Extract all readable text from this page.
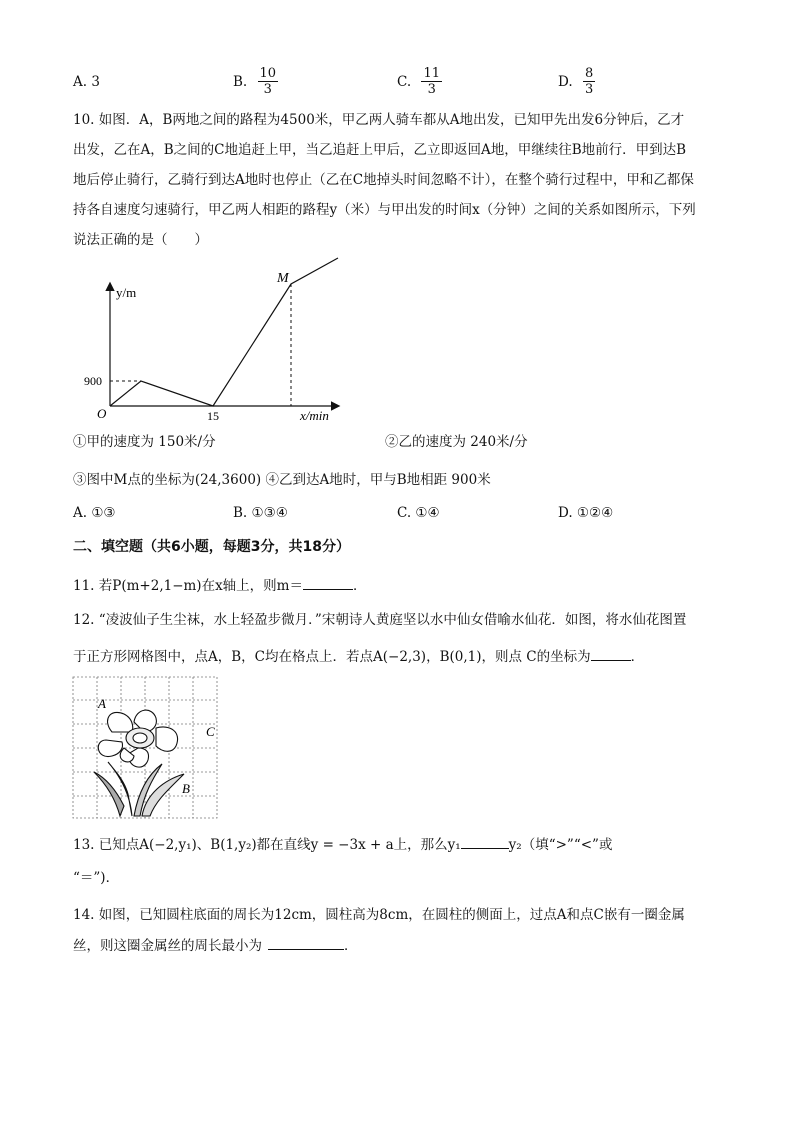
A. 3	B. $\frac{10}{3}$	C. $\frac{11}{3}$	D. $\frac{8}{3}$
10. 如图．A，B两地之间的路程为4500米，甲乙两人骑车都从A地出发，已知甲先出发6分钟后，乙才
出发，乙在A，B之间的C地追赶上甲，当乙追赶上甲后，乙立即返回A地，甲继续往B地前行．甲到达B
地后停止骑行，乙骑行到达A地时也停止（乙在C地掉头时间忽略不计），在整个骑行过程中，甲和乙都保
持各自速度匀速骑行，甲乙两人相距的路程y（米）与甲出发的时间x（分钟）之间的关系如图所示，下列
说法正确的是（　　）
y/m
x/min
O
900
15
M
①甲的速度为 150米/分	②乙的速度为 240米/分
③图中M点的坐标为(24,3600) ④乙到达A地时，甲与B地相距 900米
A. ①③	B. ①③④	C. ①④	D. ①②④
二、填空题（共6小题，每题3分，共18分）
11. 若P(m+2,1−m)在x轴上，则m＝	．
12. “凌波仙子生尘袜，水上轻盈步微月．”宋朝诗人黄庭坚以水中仙女借喻水仙花．如图，将水仙花图置
于正方形网格图中，点A，B，C均在格点上．若点A(−2,3)，B(0,1)，则点 C的坐标为	．
A
C
B
13. 已知点A(−2,y₁)、B(1,y₂)都在直线y = −3x + a上，那么y₁	y₂（填“>”“<”或
“＝”)．
14. 如图，已知圆柱底面的周长为12cm，圆柱高为8cm，在圆柱的侧面上，过点A和点C嵌有一圈金属
丝，则这圈金属丝的周长最小为	．
